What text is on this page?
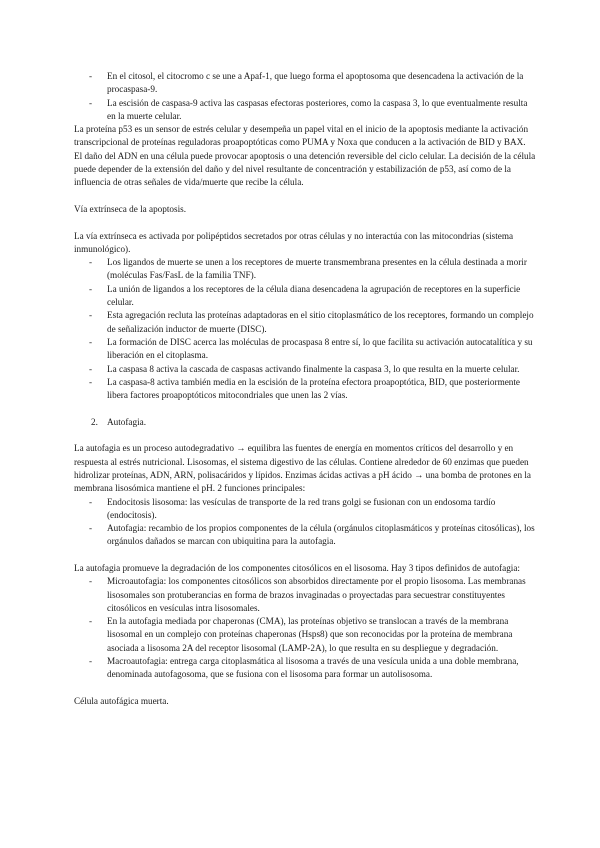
- En el citosol, el citocromo c se une a Apaf-1, que luego forma el apoptosoma que desencadena la activación de la procaspasa-9.
- La escisión de caspasa-9 activa las caspasas efectoras posteriores, como la caspasa 3, lo que eventualmente resulta en la muerte celular.

La proteína p53 es un sensor de estrés celular y desempeña un papel vital en el inicio de la apoptosis mediante la activación transcripcional de proteínas reguladoras proapoptóticas como PUMA y Noxa que conducen a la activación de BID y BAX. El daño del ADN en una célula puede provocar apoptosis o una detención reversible del ciclo celular. La decisión de la célula puede depender de la extensión del daño y del nivel resultante de concentración y estabilización de p53, así como de la influencia de otras señales de vida/muerte que recibe la célula.

Vía extrínseca de la apoptosis.

La vía extrínseca es activada por polipéptidos secretados por otras células y no interactúa con las mitocondrias (sistema inmunológico).

- Los ligandos de muerte se unen a los receptores de muerte transmembrana presentes en la célula destinada a morir (moléculas Fas/FasL de la familia TNF).
- La unión de ligandos a los receptores de la célula diana desencadena la agrupación de receptores en la superficie celular.
- Esta agregación recluta las proteínas adaptadoras en el sitio citoplasmático de los receptores, formando un complejo de señalización inductor de muerte (DISC).
- La formación de DISC acerca las moléculas de procaspasa 8 entre sí, lo que facilita su activación autocatalítica y su liberación en el citoplasma.
- La caspasa 8 activa la cascada de caspasas activando finalmente la caspasa 3, lo que resulta en la muerte celular.
- La caspasa-8 activa también media en la escisión de la proteína efectora proapoptótica, BID, que posteriormente libera factores proapoptóticos mitocondriales que unen las 2 vías.

2. Autofagia.

La autofagia es un proceso autodegradativo → equilibra las fuentes de energía en momentos críticos del desarrollo y en respuesta al estrés nutricional. Lisosomas, el sistema digestivo de las células. Contiene alrededor de 60 enzimas que pueden hidrolizar proteínas, ADN, ARN, polisacáridos y lípidos. Enzimas ácidas activas a pH ácido → una bomba de protones en la membrana lisosómica mantiene el pH. 2 funciones principales:

- Endocitosis lisosoma: las vesículas de transporte de la red trans golgi se fusionan con un endosoma tardío (endocitosis).
- Autofagia: recambio de los propios componentes de la célula (orgánulos citoplasmáticos y proteínas citosólicas), los orgánulos dañados se marcan con ubiquitina para la autofagia.

La autofagia promueve la degradación de los componentes citosólicos en el lisosoma. Hay 3 tipos definidos de autofagia:

- Microautofagia: los componentes citosólicos son absorbidos directamente por el propio lisosoma. Las membranas lisosomales son protuberancias en forma de brazos invaginadas o proyectadas para secuestrar constituyentes citosólicos en vesículas intra lisosomales.
- En la autofagia mediada por chaperonas (CMA), las proteínas objetivo se translocan a través de la membrana lisosomal en un complejo con proteínas chaperonas (Hsps8) que son reconocidas por la proteína de membrana asociada a lisosoma 2A del receptor lisosomal (LAMP-2A), lo que resulta en su despliegue y degradación.
- Macroautofagia: entrega carga citoplasmática al lisosoma a través de una vesícula unida a una doble membrana, denominada autofagosoma, que se fusiona con el lisosoma para formar un autolisosoma.

Célula autofágica muerta.
